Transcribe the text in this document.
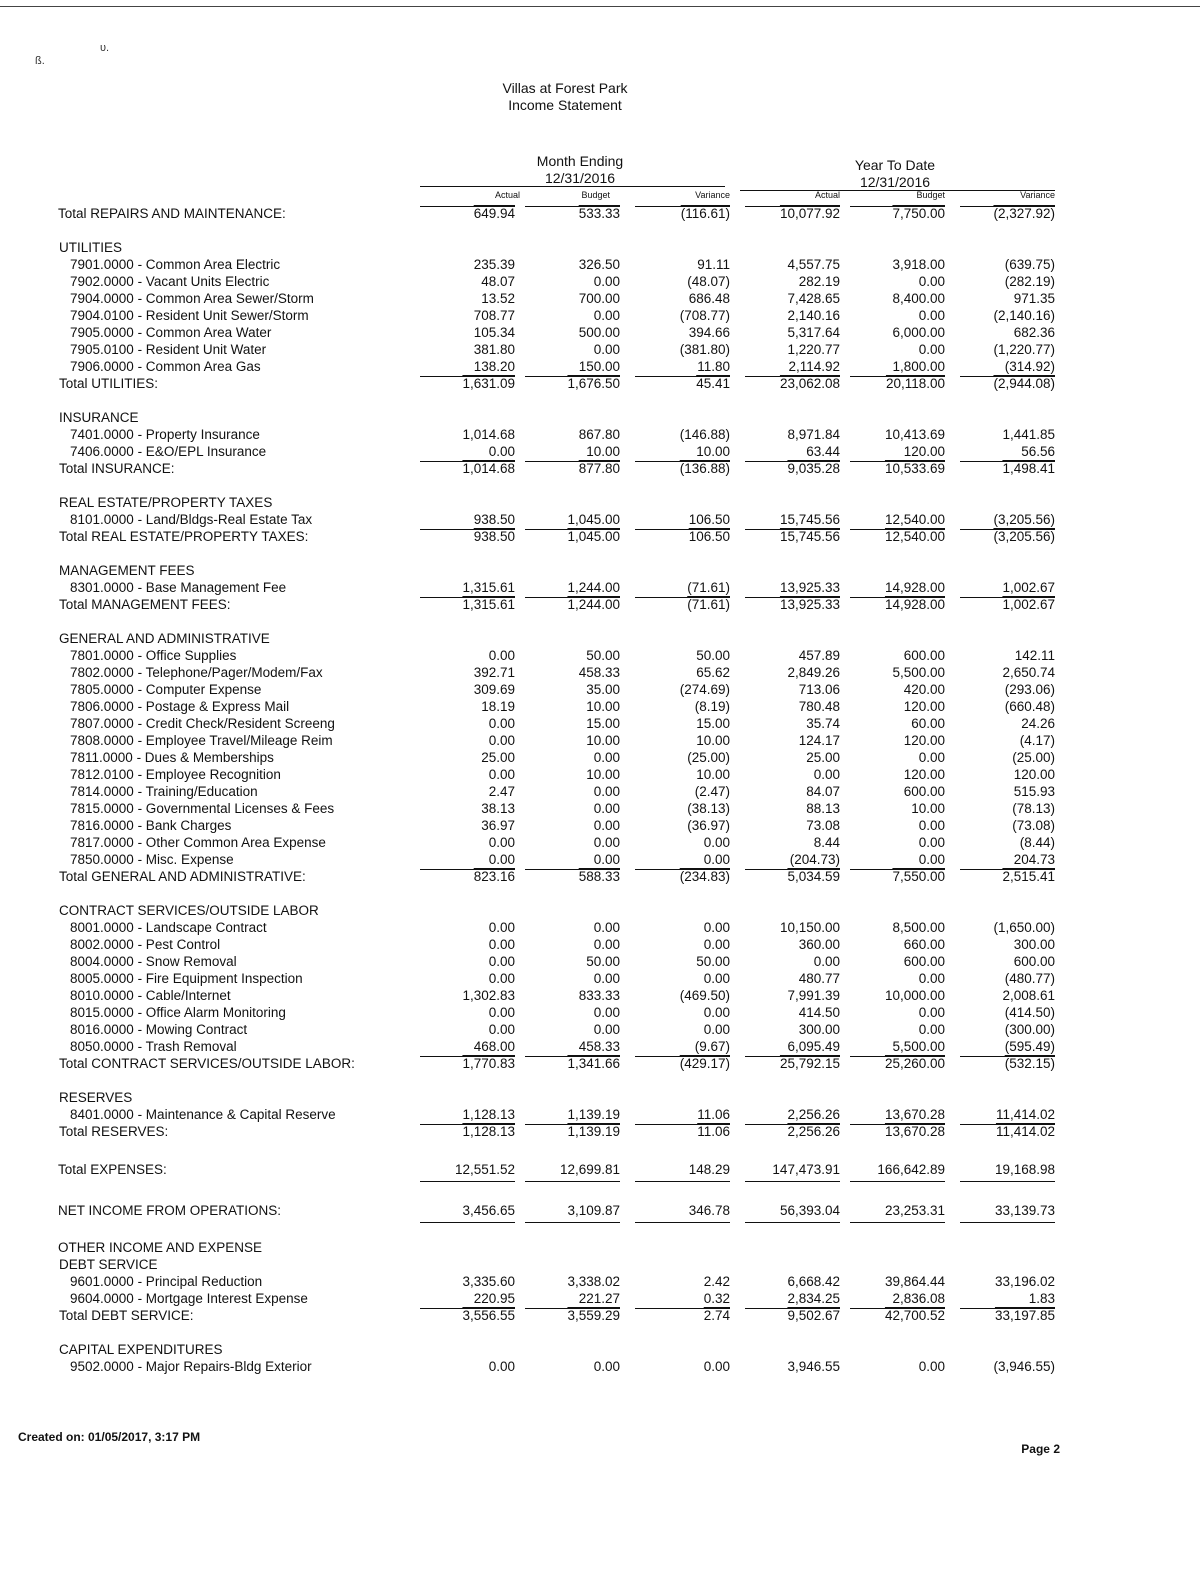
ß.
υ.
Villas at Forest Park
Income Statement
Month Ending
12/31/2016
Year To Date
12/31/2016
Actual	Budget	Variance	Actual	Budget	Variance
Total REPAIRS AND MAINTENANCE:	649.94	533.33	(116.61)	10,077.92	7,750.00	(2,327.92)
UTILITIES
7901.0000 - Common Area Electric	235.39	326.50	91.11	4,557.75	3,918.00	(639.75)
7902.0000 - Vacant Units Electric	48.07	0.00	(48.07)	282.19	0.00	(282.19)
7904.0000 - Common Area Sewer/Storm	13.52	700.00	686.48	7,428.65	8,400.00	971.35
7904.0100 - Resident Unit Sewer/Storm	708.77	0.00	(708.77)	2,140.16	0.00	(2,140.16)
7905.0000 - Common Area Water	105.34	500.00	394.66	5,317.64	6,000.00	682.36
7905.0100 - Resident Unit Water	381.80	0.00	(381.80)	1,220.77	0.00	(1,220.77)
7906.0000 - Common Area Gas	138.20	150.00	11.80	2,114.92	1,800.00	(314.92)
Total UTILITIES:	1,631.09	1,676.50	45.41	23,062.08	20,118.00	(2,944.08)
INSURANCE
7401.0000 - Property Insurance	1,014.68	867.80	(146.88)	8,971.84	10,413.69	1,441.85
7406.0000 - E&O/EPL Insurance	0.00	10.00	10.00	63.44	120.00	56.56
Total INSURANCE:	1,014.68	877.80	(136.88)	9,035.28	10,533.69	1,498.41
REAL ESTATE/PROPERTY TAXES
8101.0000 - Land/Bldgs-Real Estate Tax	938.50	1,045.00	106.50	15,745.56	12,540.00	(3,205.56)
Total REAL ESTATE/PROPERTY TAXES:	938.50	1,045.00	106.50	15,745.56	12,540.00	(3,205.56)
MANAGEMENT FEES
8301.0000 - Base Management Fee	1,315.61	1,244.00	(71.61)	13,925.33	14,928.00	1,002.67
Total MANAGEMENT FEES:	1,315.61	1,244.00	(71.61)	13,925.33	14,928.00	1,002.67
GENERAL AND ADMINISTRATIVE
7801.0000 - Office Supplies	0.00	50.00	50.00	457.89	600.00	142.11
7802.0000 - Telephone/Pager/Modem/Fax	392.71	458.33	65.62	2,849.26	5,500.00	2,650.74
7805.0000 - Computer Expense	309.69	35.00	(274.69)	713.06	420.00	(293.06)
7806.0000 - Postage & Express Mail	18.19	10.00	(8.19)	780.48	120.00	(660.48)
7807.0000 - Credit Check/Resident Screeng	0.00	15.00	15.00	35.74	60.00	24.26
7808.0000 - Employee Travel/Mileage Reim	0.00	10.00	10.00	124.17	120.00	(4.17)
7811.0000 - Dues & Memberships	25.00	0.00	(25.00)	25.00	0.00	(25.00)
7812.0100 - Employee Recognition	0.00	10.00	10.00	0.00	120.00	120.00
7814.0000 - Training/Education	2.47	0.00	(2.47)	84.07	600.00	515.93
7815.0000 - Governmental Licenses & Fees	38.13	0.00	(38.13)	88.13	10.00	(78.13)
7816.0000 - Bank Charges	36.97	0.00	(36.97)	73.08	0.00	(73.08)
7817.0000 - Other Common Area Expense	0.00	0.00	0.00	8.44	0.00	(8.44)
7850.0000 - Misc. Expense	0.00	0.00	0.00	(204.73)	0.00	204.73
Total GENERAL AND ADMINISTRATIVE:	823.16	588.33	(234.83)	5,034.59	7,550.00	2,515.41
CONTRACT SERVICES/OUTSIDE LABOR
8001.0000 - Landscape Contract	0.00	0.00	0.00	10,150.00	8,500.00	(1,650.00)
8002.0000 - Pest Control	0.00	0.00	0.00	360.00	660.00	300.00
8004.0000 - Snow Removal	0.00	50.00	50.00	0.00	600.00	600.00
8005.0000 - Fire Equipment Inspection	0.00	0.00	0.00	480.77	0.00	(480.77)
8010.0000 - Cable/Internet	1,302.83	833.33	(469.50)	7,991.39	10,000.00	2,008.61
8015.0000 - Office Alarm Monitoring	0.00	0.00	0.00	414.50	0.00	(414.50)
8016.0000 - Mowing Contract	0.00	0.00	0.00	300.00	0.00	(300.00)
8050.0000 - Trash Removal	468.00	458.33	(9.67)	6,095.49	5,500.00	(595.49)
Total CONTRACT SERVICES/OUTSIDE LABOR:	1,770.83	1,341.66	(429.17)	25,792.15	25,260.00	(532.15)
RESERVES
8401.0000 - Maintenance & Capital Reserve	1,128.13	1,139.19	11.06	2,256.26	13,670.28	11,414.02
Total RESERVES:	1,128.13	1,139.19	11.06	2,256.26	13,670.28	11,414.02
Total EXPENSES:	12,551.52	12,699.81	148.29	147,473.91	166,642.89	19,168.98
NET INCOME FROM OPERATIONS:	3,456.65	3,109.87	346.78	56,393.04	23,253.31	33,139.73
OTHER INCOME AND EXPENSE
DEBT SERVICE
9601.0000 - Principal Reduction	3,335.60	3,338.02	2.42	6,668.42	39,864.44	33,196.02
9604.0000 - Mortgage Interest Expense	220.95	221.27	0.32	2,834.25	2,836.08	1.83
Total DEBT SERVICE:	3,556.55	3,559.29	2.74	9,502.67	42,700.52	33,197.85
CAPITAL EXPENDITURES
9502.0000 - Major Repairs-Bldg Exterior	0.00	0.00	0.00	3,946.55	0.00	(3,946.55)
Created on: 01/05/2017, 3:17 PM
Page 2
